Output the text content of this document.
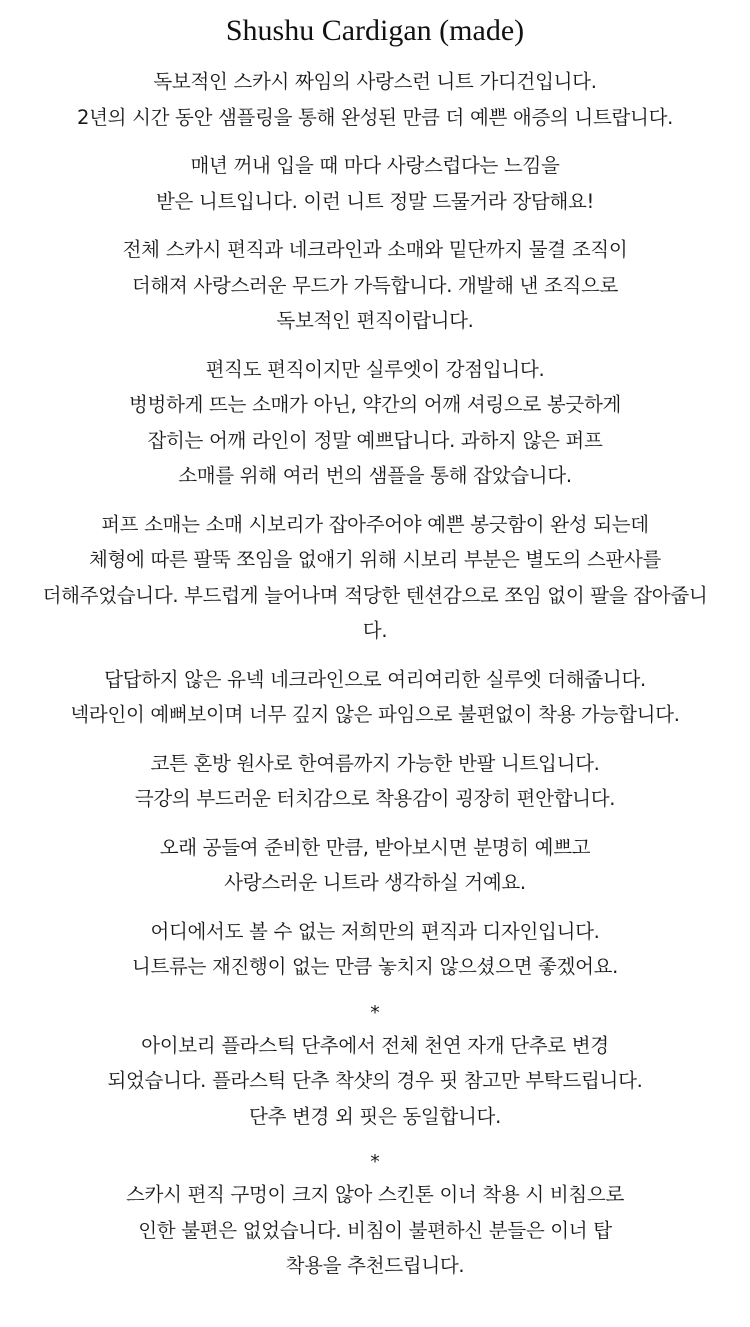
Shushu Cardigan (made)
독보적인 스카시 짜임의 사랑스런 니트 가디건입니다.
2년의 시간 동안 샘플링을 통해 완성된 만큼 더 예쁜 애증의 니트랍니다.
매년 꺼내 입을 때 마다 사랑스럽다는 느낌을
받은 니트입니다. 이런 니트 정말 드물거라 장담해요!
전체 스카시 편직과 네크라인과 소매와 밑단까지 물결 조직이
더해져 사랑스러운 무드가 가득합니다. 개발해 낸 조직으로
독보적인 편직이랍니다.
편직도 편직이지만 실루엣이 강점입니다.
벙벙하게 뜨는 소매가 아닌, 약간의 어깨 셔링으로 봉긋하게
잡히는 어깨 라인이 정말 예쁘답니다. 과하지 않은 퍼프
소매를 위해 여러 번의 샘플을 통해 잡았습니다.
퍼프 소매는 소매 시보리가 잡아주어야 예쁜 봉긋함이 완성 되는데
체형에 따른 팔뚝 쪼임을 없애기 위해 시보리 부분은 별도의 스판사를
더해주었습니다. 부드럽게 늘어나며 적당한 텐션감으로 쪼임 없이 팔을 잡아줍니
다.
답답하지 않은 유넥 네크라인으로 여리여리한 실루엣 더해줍니다.
넥라인이 예뻐보이며 너무 깊지 않은 파임으로 불편없이 착용 가능합니다.
코튼 혼방 원사로 한여름까지 가능한 반팔 니트입니다.
극강의 부드러운 터치감으로 착용감이 굉장히 편안합니다.
오래 공들여 준비한 만큼, 받아보시면 분명히 예쁘고
사랑스러운 니트라 생각하실 거예요.
어디에서도 볼 수 없는 저희만의 편직과 디자인입니다.
니트류는 재진행이 없는 만큼 놓치지 않으셨으면 좋겠어요.
*
아이보리 플라스틱 단추에서 전체 천연 자개 단추로 변경
되었습니다. 플라스틱 단추 착샷의 경우 핏 참고만 부탁드립니다.
단추 변경 외 핏은 동일합니다.
*
스카시 편직 구멍이 크지 않아 스킨톤 이너 착용 시 비침으로
인한 불편은 없었습니다. 비침이 불편하신 분들은 이너 탑
착용을 추천드립니다.
